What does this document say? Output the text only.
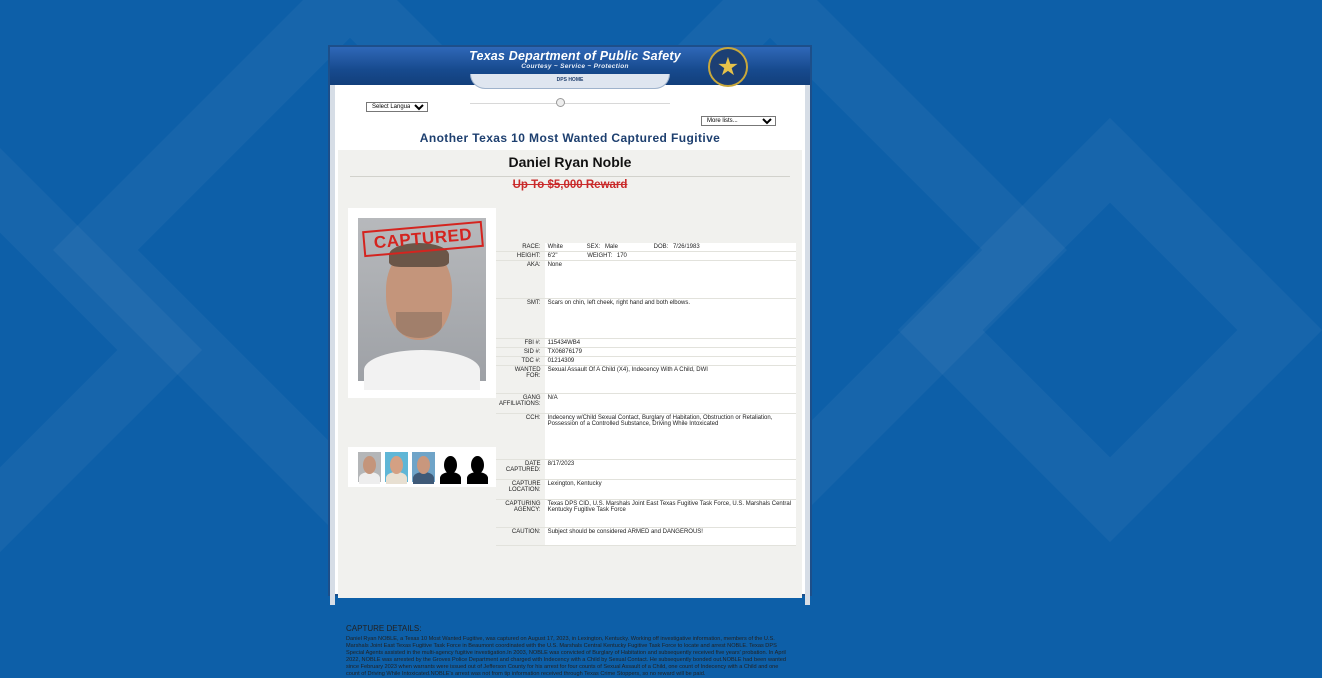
Texas Department of Public Safety
Courtesy ~ Service ~ Protection	★
DPS HOME
Select Language
More lists...
Another Texas 10 Most Wanted Captured Fugitive
Daniel Ryan Noble
Up To $5,000 Reward
CAPTURED	RACE:	White SEX: Male DOB: 7/26/1983
HEIGHT:	6'2" WEIGHT: 170
AKA:	None
SMT:	Scars on chin, left cheek, right hand and both elbows.
FBI #:	115434WB4
SID #:	TX06876179
TDC #:	01214309
WANTED FOR:	Sexual Assault Of A Child (X4), Indecency With A Child, DWI
GANG AFFILIATIONS:	N/A
CCH:	Indecency w/Child Sexual Contact, Burglary of Habitation, Obstruction or Retaliation, Possession of a Controlled Substance, Driving While Intoxicated
DATE CAPTURED:	8/17/2023
CAPTURE LOCATION:	Lexington, Kentucky
CAPTURING AGENCY:	Texas DPS CID, U.S. Marshals Joint East Texas Fugitive Task Force, U.S. Marshals Central Kentucky Fugitive Task Force
CAUTION:	Subject should be considered ARMED and DANGEROUS!
CAPTURE DETAILS:
Daniel Ryan NOBLE, a Texas 10 Most Wanted Fugitive, was captured on August 17, 2023, in Lexington, Kentucky. Working off investigative information, members of the U.S. Marshals Joint East Texas Fugitive Task Force in Beaumont coordinated with the U.S. Marshals Central Kentucky Fugitive Task Force to locate and arrest NOBLE. Texas DPS Special Agents assisted in the multi-agency fugitive investigation.In 2003, NOBLE was convicted of Burglary of Habitation and subsequently received five years' probation. In April 2022, NOBLE was arrested by the Groves Police Department and charged with Indecency with a Child by Sexual Contact. He subsequently bonded out.NOBLE had been wanted since February 2023 when warrants were issued out of Jefferson County for his arrest for four counts of Sexual Assault of a Child, one count of Indecency with a Child and one count of Driving While Intoxicated.NOBLE's arrest was not from tip information received through Texas Crime Stoppers, so no reward will be paid.
